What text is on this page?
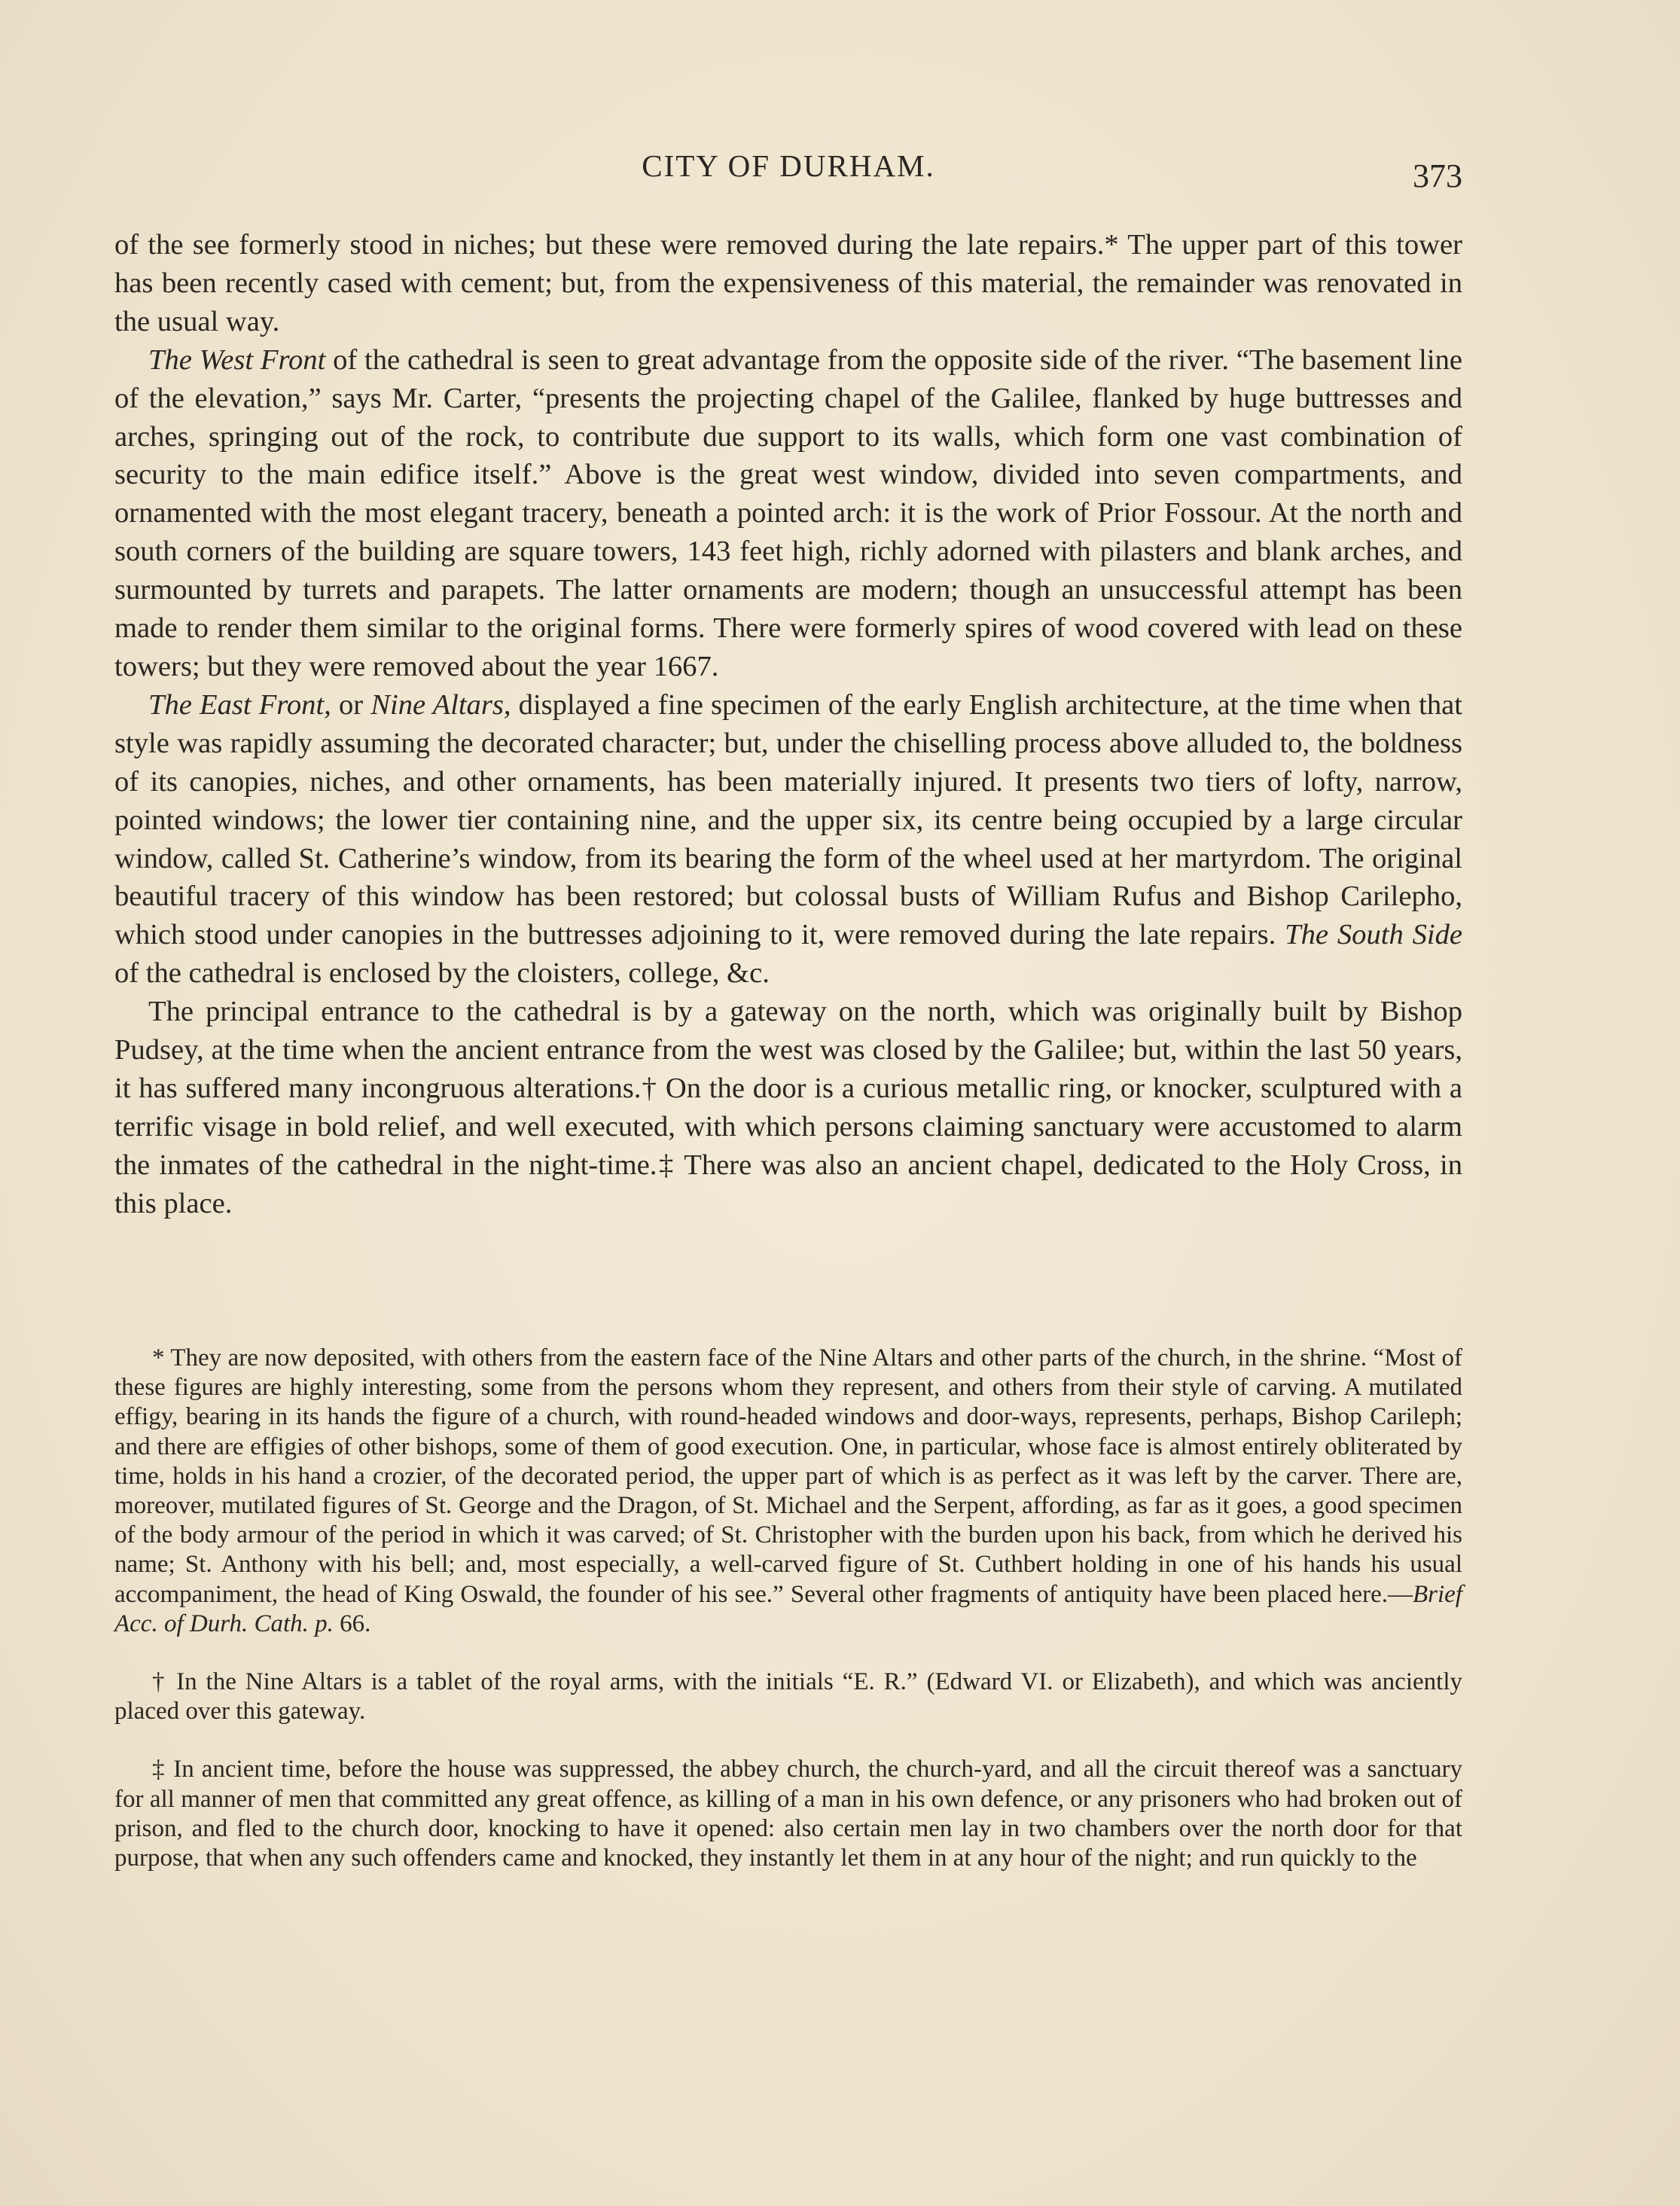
CITY OF DURHAM.	373

of the see formerly stood in niches; but these were removed during the late repairs.* The upper part of this tower has been recently cased with cement; but, from the expensiveness of this material, the remainder was renovated in the usual way.

The West Front of the cathedral is seen to great advantage from the opposite side of the river. “The basement line of the elevation,” says Mr. Carter, “presents the projecting chapel of the Galilee, flanked by huge buttresses and arches, springing out of the rock, to contribute due support to its walls, which form one vast combination of security to the main edifice itself.” Above is the great west window, divided into seven compartments, and ornamented with the most elegant tracery, beneath a pointed arch: it is the work of Prior Fossour. At the north and south corners of the building are square towers, 143 feet high, richly adorned with pilasters and blank arches, and surmounted by turrets and parapets. The latter ornaments are modern; though an unsuccessful attempt has been made to render them similar to the original forms. There were formerly spires of wood covered with lead on these towers; but they were removed about the year 1667.

The East Front, or Nine Altars, displayed a fine specimen of the early English architecture, at the time when that style was rapidly assuming the decorated character; but, under the chiselling process above alluded to, the boldness of its canopies, niches, and other ornaments, has been materially injured. It presents two tiers of lofty, narrow, pointed windows; the lower tier containing nine, and the upper six, its centre being occupied by a large circular window, called St. Catherine’s window, from its bearing the form of the wheel used at her martyrdom. The original beautiful tracery of this window has been restored; but colossal busts of William Rufus and Bishop Carilepho, which stood under canopies in the buttresses adjoining to it, were removed during the late repairs. The South Side of the cathedral is enclosed by the cloisters, college, &c.

The principal entrance to the cathedral is by a gateway on the north, which was originally built by Bishop Pudsey, at the time when the ancient entrance from the west was closed by the Galilee; but, within the last 50 years, it has suffered many incongruous alterations.† On the door is a curious metallic ring, or knocker, sculptured with a terrific visage in bold relief, and well executed, with which persons claiming sanctuary were accustomed to alarm the inmates of the cathedral in the night-time.‡ There was also an ancient chapel, dedicated to the Holy Cross, in this place.

* They are now deposited, with others from the eastern face of the Nine Altars and other parts of the church, in the shrine. “Most of these figures are highly interesting, some from the persons whom they represent, and others from their style of carving. A mutilated effigy, bearing in its hands the figure of a church, with round-headed windows and door-ways, represents, perhaps, Bishop Carileph; and there are effigies of other bishops, some of them of good execution. One, in particular, whose face is almost entirely obliterated by time, holds in his hand a crozier, of the decorated period, the upper part of which is as perfect as it was left by the carver. There are, moreover, mutilated figures of St. George and the Dragon, of St. Michael and the Serpent, affording, as far as it goes, a good specimen of the body armour of the period in which it was carved; of St. Christopher with the burden upon his back, from which he derived his name; St. Anthony with his bell; and, most especially, a well-carved figure of St. Cuthbert holding in one of his hands his usual accompaniment, the head of King Oswald, the founder of his see.” Several other fragments of antiquity have been placed here.—Brief Acc. of Durh. Cath. p. 66.

† In the Nine Altars is a tablet of the royal arms, with the initials “E. R.” (Edward VI. or Elizabeth), and which was anciently placed over this gateway.

‡ In ancient time, before the house was suppressed, the abbey church, the church-yard, and all the circuit thereof was a sanctuary for all manner of men that committed any great offence, as killing of a man in his own defence, or any prisoners who had broken out of prison, and fled to the church door, knocking to have it opened: also certain men lay in two chambers over the north door for that purpose, that when any such offenders came and knocked, they instantly let them in at any hour of the night; and run quickly to the
